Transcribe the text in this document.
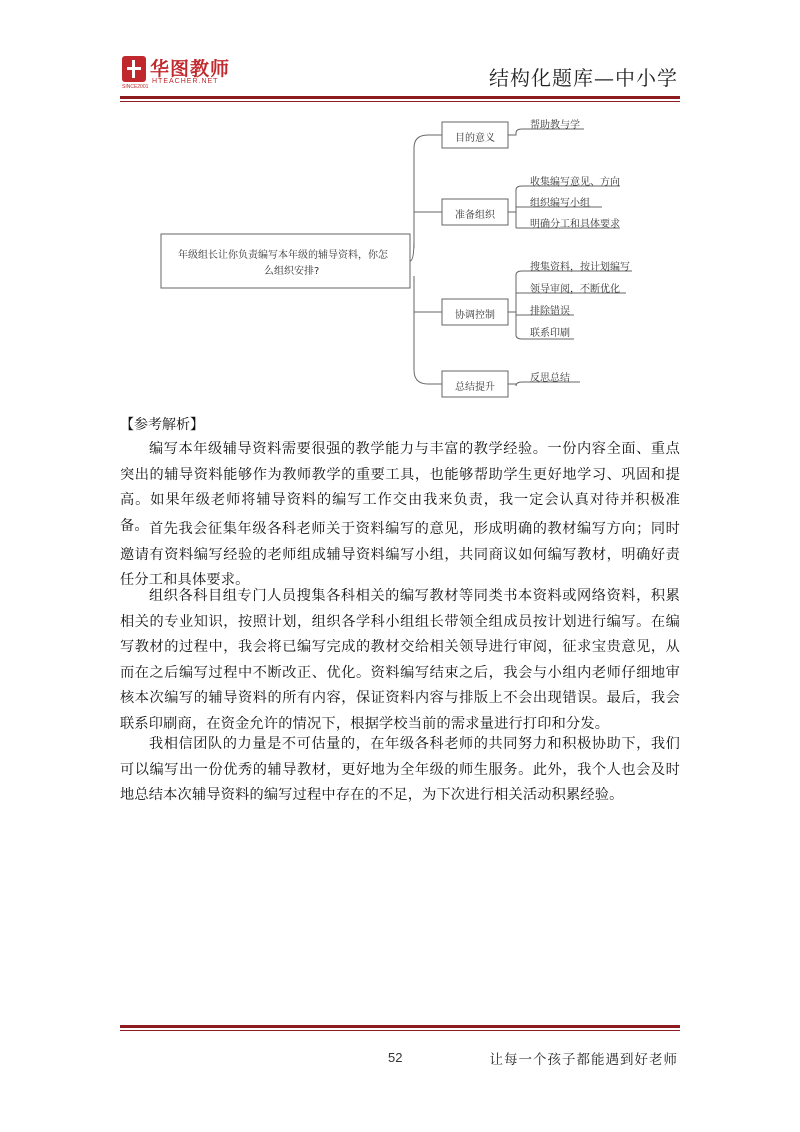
华图教师
HTEACHER.NET
SINCE2001	结构化题库—中小学
年级组长让你负责编写本年级的辅导资料，你怎
么组织安排?
目的意义
准备组织
协调控制
总结提升
帮助教与学
收集编写意见、方向
组织编写小组
明确分工和具体要求
搜集资料，按计划编写
领导审阅，不断优化
排除错误
联系印刷
反思总结
【参考解析】
编写本年级辅导资料需要很强的教学能力与丰富的教学经验。一份内容全面、重点突出的辅导资料能够作为教师教学的重要工具，也能够帮助学生更好地学习、巩固和提高。如果年级老师将辅导资料的编写工作交由我来负责，我一定会认真对待并积极准备。 首先我会征集年级各科老师关于资料编写的意见，形成明确的教材编写方向；同时邀请有资料编写经验的老师组成辅导资料编写小组，共同商议如何编写教材，明确好责任分工和具体要求。
组织各科目组专门人员搜集各科相关的编写教材等同类书本资料或网络资料，积累相关的专业知识，按照计划，组织各学科小组组长带领全组成员按计划进行编写。在编写教材的过程中，我会将已编写完成的教材交给相关领导进行审阅，征求宝贵意见，从而在之后编写过程中不断改正、优化。资料编写结束之后，我会与小组内老师仔细地审核本次编写的辅导资料的所有内容，保证资料内容与排版上不会出现错误。最后，我会联系印刷商，在资金允许的情况下，根据学校当前的需求量进行打印和分发。
我相信团队的力量是不可估量的，在年级各科老师的共同努力和积极协助下，我们可以编写出一份优秀的辅导教材，更好地为全年级的师生服务。此外，我个人也会及时地总结本次辅导资料的编写过程中存在的不足，为下次进行相关活动积累经验。
52	让每一个孩子都能遇到好老师
